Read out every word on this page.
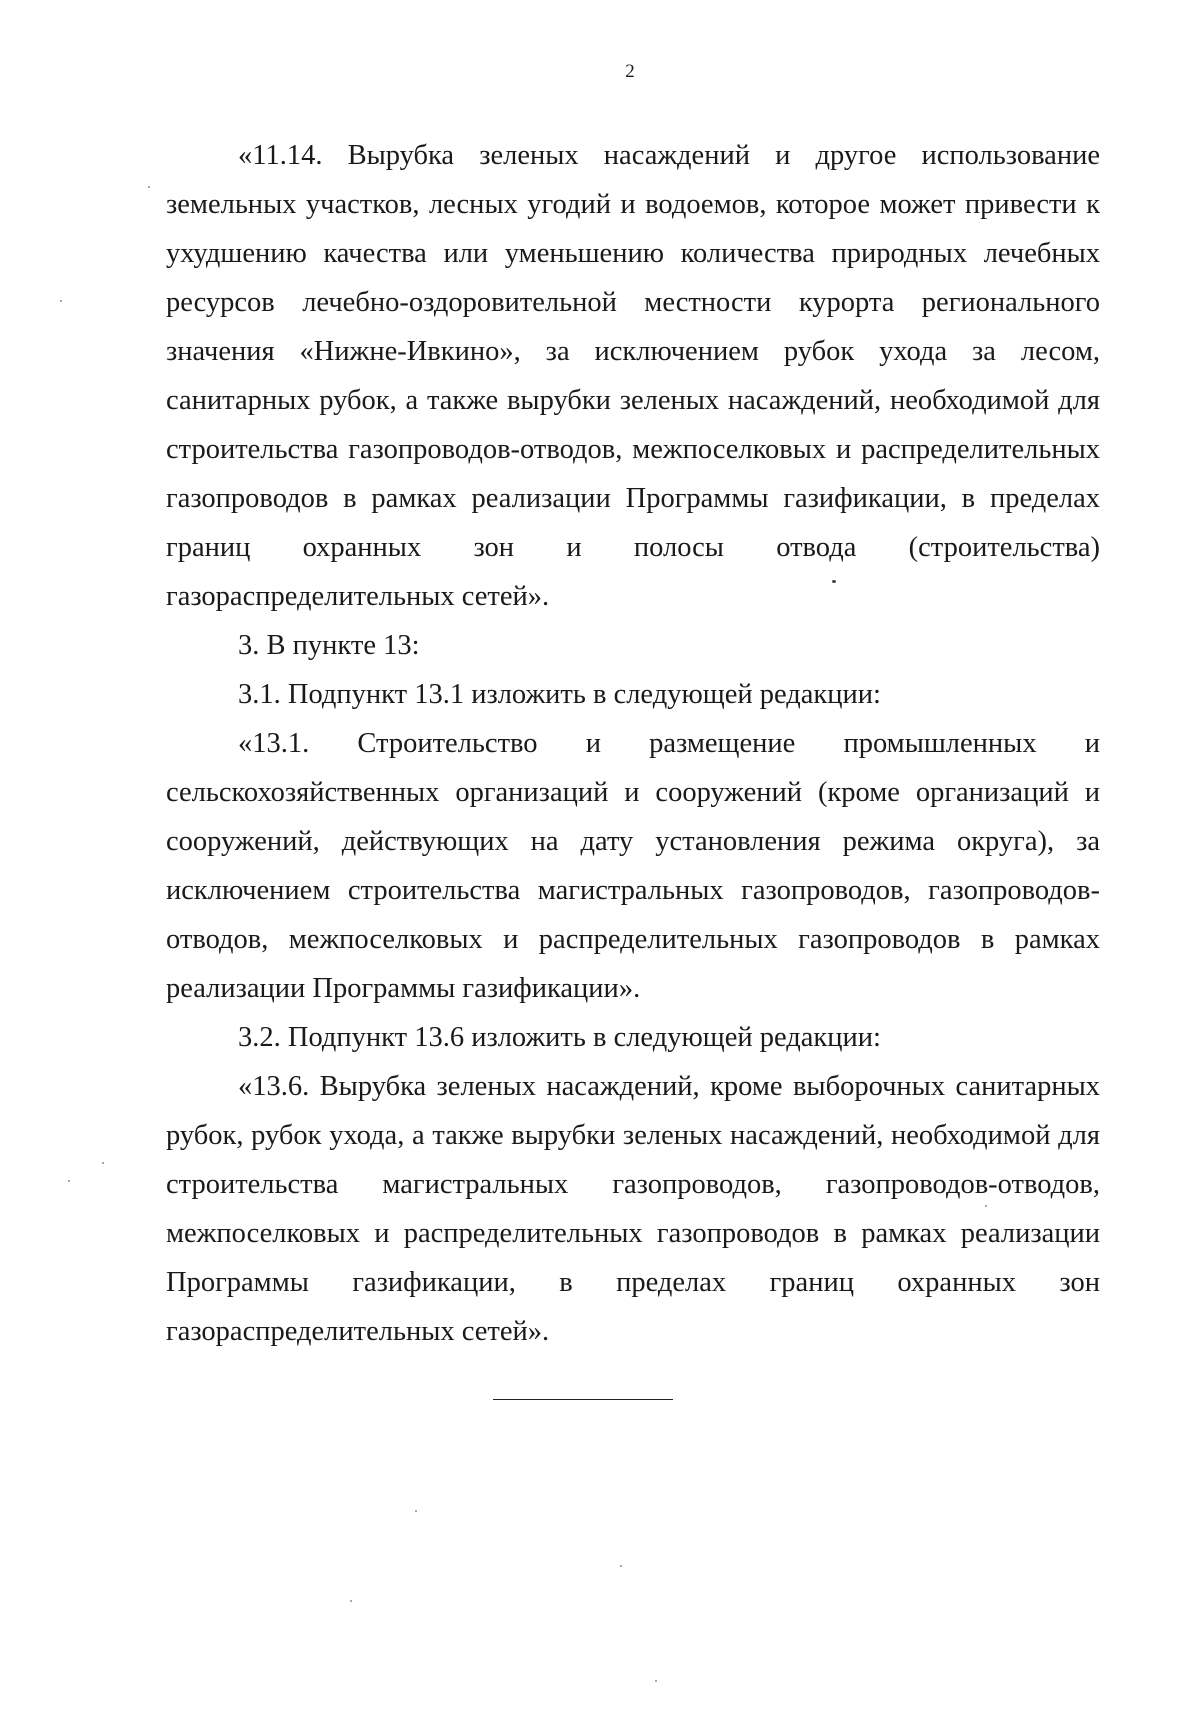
2

«11.14. Вырубка зеленых насаждений и другое использование земельных участков, лесных угодий и водоемов, которое может привести к ухудшению качества или уменьшению количества природных лечебных ресурсов лечебно-оздоровительной местности курорта регионального значения «Нижне-Ивкино», за исключением рубок ухода за лесом, санитарных рубок, а также вырубки зеленых насаждений, необходимой для строительства газопроводов-отводов, межпоселковых и распределительных газопроводов в рамках реализации Программы газификации, в пределах границ охранных зон и полосы отвода (строительства) газораспределительных сетей».

3. В пункте 13:

3.1. Подпункт 13.1 изложить в следующей редакции:

«13.1. Строительство и размещение промышленных и сельскохозяйственных организаций и сооружений (кроме организаций и сооружений, действующих на дату установления режима округа), за исключением строительства магистральных газопроводов, газопроводов-отводов, межпоселковых и распределительных газопроводов в рамках реализации Программы газификации».

3.2. Подпункт 13.6 изложить в следующей редакции:

«13.6. Вырубка зеленых насаждений, кроме выборочных санитарных рубок, рубок ухода, а также вырубки зеленых насаждений, необходимой для строительства магистральных газопроводов, газопроводов-отводов, межпоселковых и распределительных газопроводов в рамках реализации Программы газификации, в пределах границ охранных зон газораспределительных сетей».
